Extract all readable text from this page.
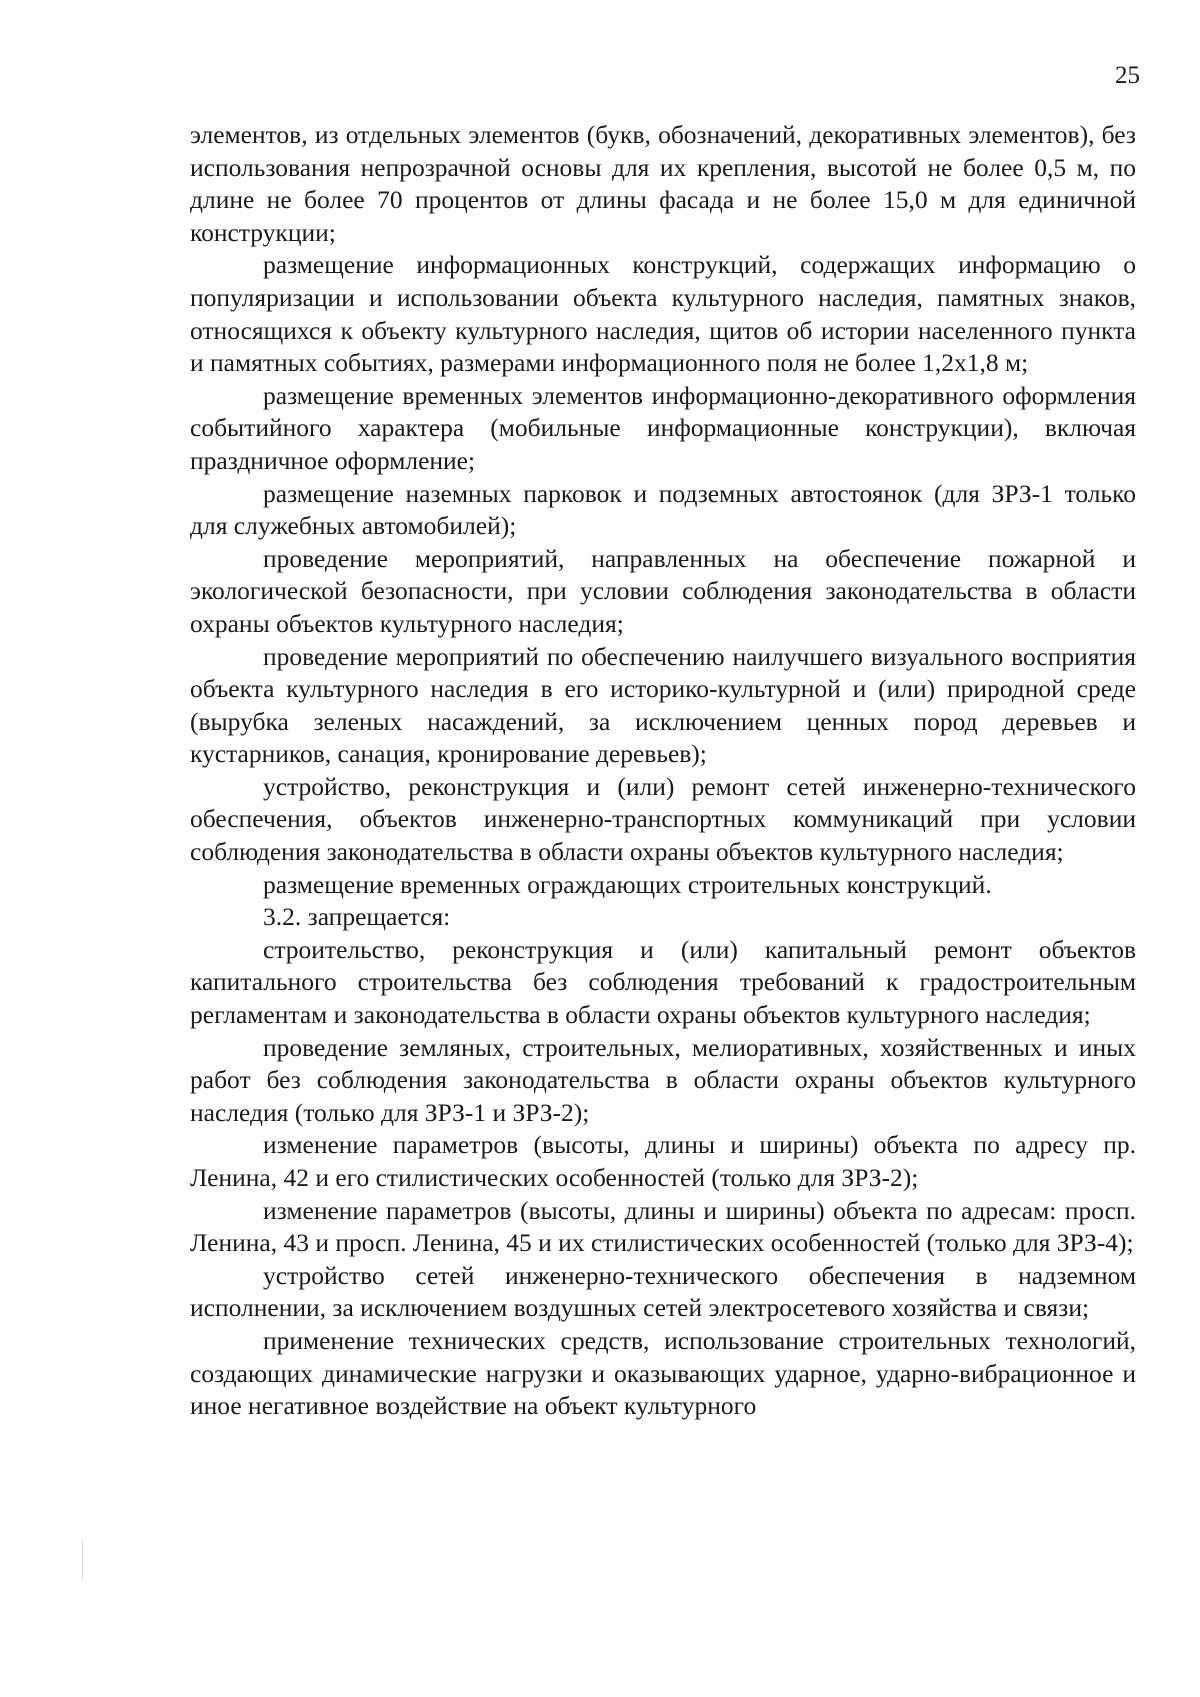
25

элементов, из отдельных элементов (букв, обозначений, декоративных элементов), без использования непрозрачной основы для их крепления, высотой не более 0,5 м, по длине не более 70 процентов от длины фасада и не более 15,0 м для единичной конструкции;

размещение информационных конструкций, содержащих информацию о популяризации и использовании объекта культурного наследия, памятных знаков, относящихся к объекту культурного наследия, щитов об истории населенного пункта и памятных событиях, размерами информационного поля не более 1,2х1,8 м;

размещение временных элементов информационно-декоративного оформления событийного характера (мобильные информационные конструкции), включая праздничное оформление;

размещение наземных парковок и подземных автостоянок (для ЗРЗ-1 только для служебных автомобилей);

проведение мероприятий, направленных на обеспечение пожарной и экологической безопасности, при условии соблюдения законодательства в области охраны объектов культурного наследия;

проведение мероприятий по обеспечению наилучшего визуального восприятия объекта культурного наследия в его историко-культурной и (или) природной среде (вырубка зеленых насаждений, за исключением ценных пород деревьев и кустарников, санация, кронирование деревьев);

устройство, реконструкция и (или) ремонт сетей инженерно-технического обеспечения, объектов инженерно-транспортных коммуникаций при условии соблюдения законодательства в области охраны объектов культурного наследия;

размещение временных ограждающих строительных конструкций.

3.2. запрещается:

строительство, реконструкция и (или) капитальный ремонт объектов капитального строительства без соблюдения требований к градостроительным регламентам и законодательства в области охраны объектов культурного наследия;

проведение земляных, строительных, мелиоративных, хозяйственных и иных работ без соблюдения законодательства в области охраны объектов культурного наследия (только для ЗРЗ-1 и ЗРЗ-2);

изменение параметров (высоты, длины и ширины) объекта по адресу пр. Ленина, 42 и его стилистических особенностей (только для ЗРЗ-2);

изменение параметров (высоты, длины и ширины) объекта по адресам: просп. Ленина, 43 и просп. Ленина, 45 и их стилистических особенностей (только для ЗРЗ-4);

устройство сетей инженерно-технического обеспечения в надземном исполнении, за исключением воздушных сетей электросетевого хозяйства и связи;

применение технических средств, использование строительных технологий, создающих динамические нагрузки и оказывающих ударное, ударно-вибрационное и иное негативное воздействие на объект культурного
